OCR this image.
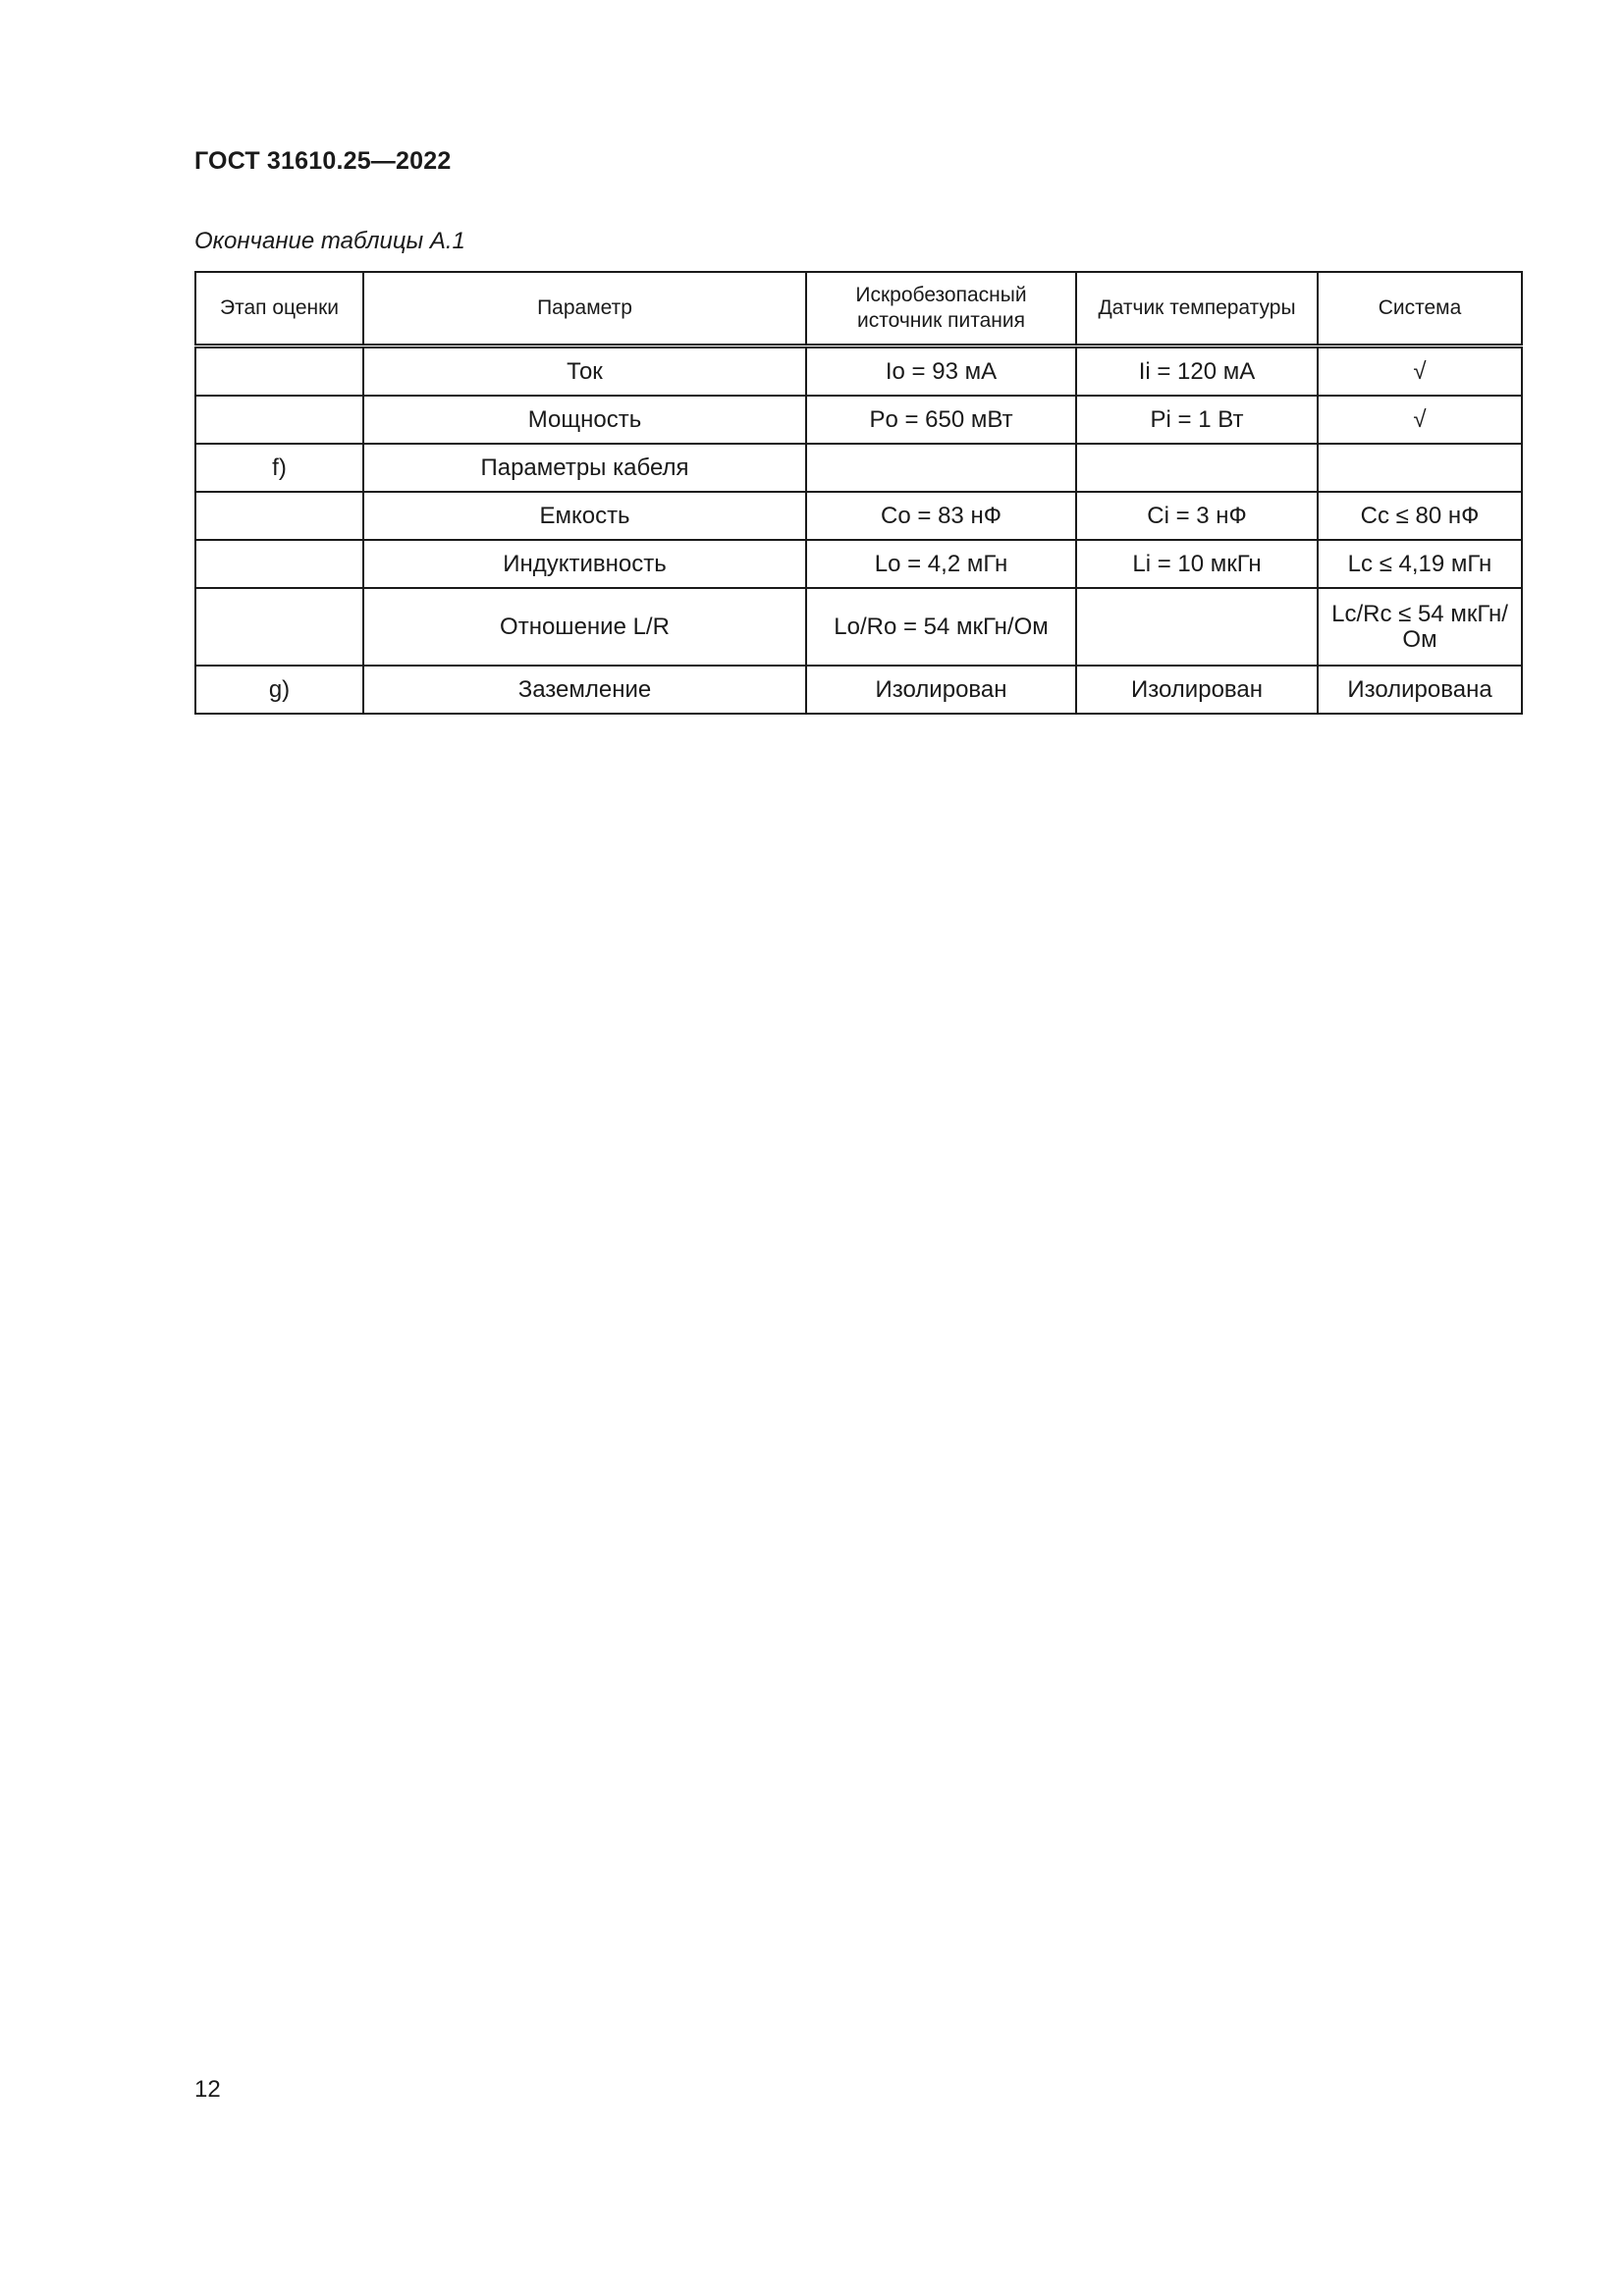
ГОСТ 31610.25—2022
Окончание таблицы А.1
Этап оценки	Параметр	Искробезопасный источник питания	Датчик температуры	Система
	Ток	Io = 93 мА	Ii = 120 мА	√
	Мощность	Po = 650 мВт	Pi = 1 Вт	√
f)	Параметры кабеля			
	Емкость	Co = 83 нФ	Ci = 3 нФ	Cc ≤ 80 нФ
	Индуктивность	Lo = 4,2 мГн	Li = 10 мкГн	Lc ≤ 4,19 мГн
	Отношение L/R	Lo/Ro = 54 мкГн/Ом		Lc/Rc ≤ 54 мкГн/Ом
g)	Заземление	Изолирован	Изолирован	Изолирована
12
